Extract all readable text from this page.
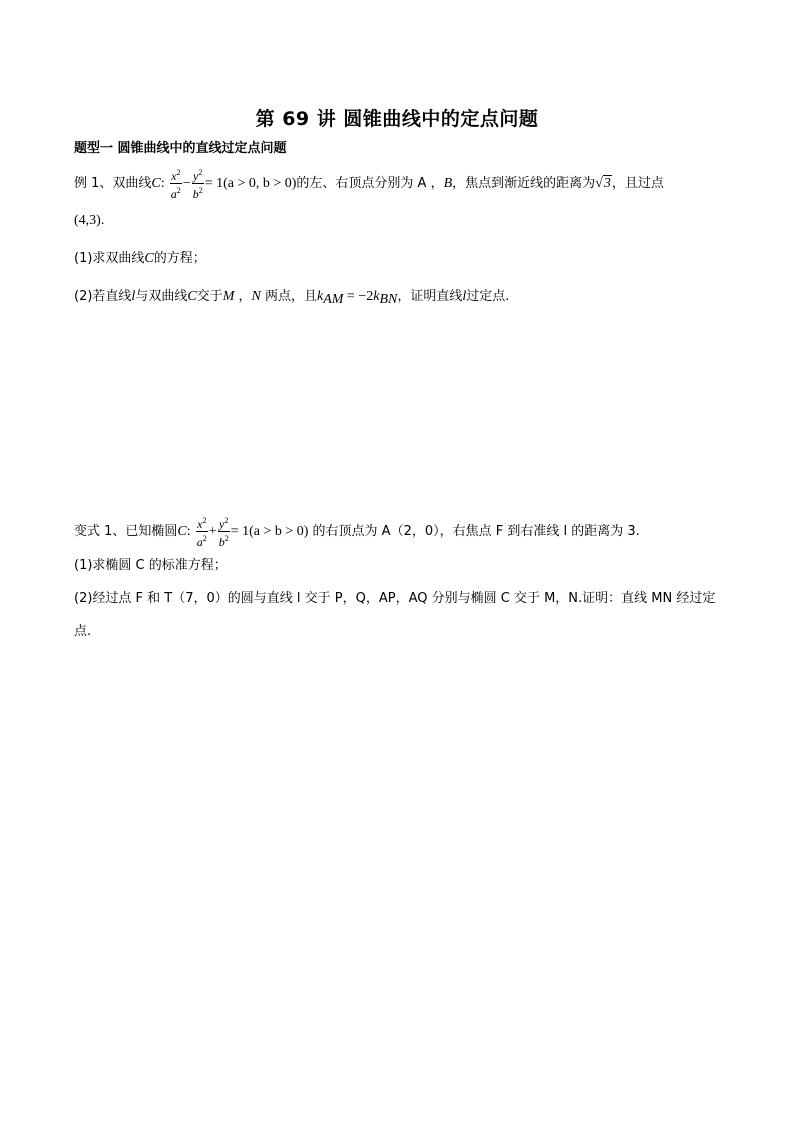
第 69 讲 圆锥曲线中的定点问题
题型一 圆锥曲线中的直线过定点问题
例 1、双曲线C: $\frac{x^2}{a^2} - \frac{y^2}{b^2} = 1(a > 0$, b > 0)的左、右顶点分别为 A ，B，焦点到渐近线的距离为√3，且过点
(4,3).
(1)求双曲线C的方程；
(2)若直线l与双曲线C交于M ，N 两点，且$k_{AM} = -2k_{BN}$，证明直线l过定点.
变式 1、已知椭圆C: $\frac{x^2}{a^2} + \frac{y^2}{b^2} = 1(a > b > 0)$ 的右顶点为 A（2，0），右焦点 F 到右准线 l 的距离为 3.
(1)求椭圆 C 的标准方程；
(2)经过点 F 和 T（7，0）的圆与直线 l 交于 P，Q，AP，AQ 分别与椭圆 C 交于 M，N.证明：直线 MN 经过定
点.
